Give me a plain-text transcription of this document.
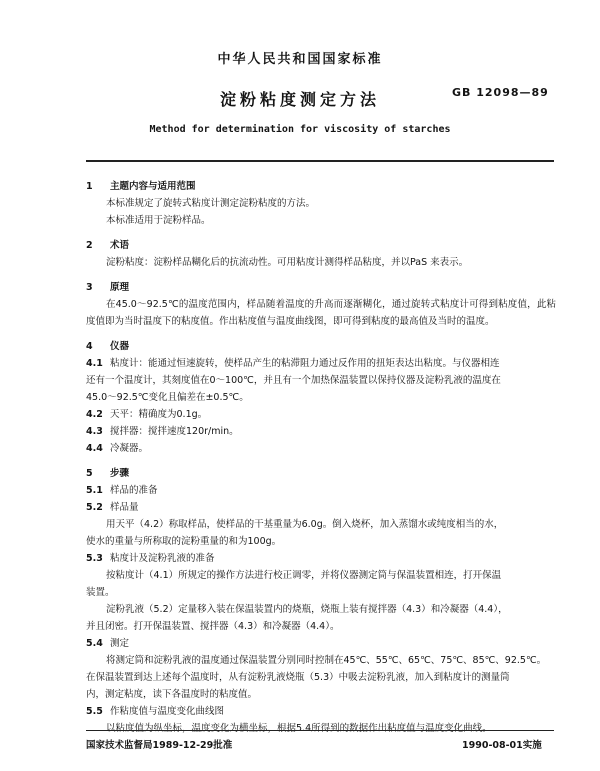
中华人民共和国国家标准
淀粉粘度测定方法	GB 12098—89
Method for determination for viscosity of starches
1 主题内容与适用范围
本标准规定了旋转式粘度计测定淀粉粘度的方法。
本标准适用于淀粉样品。
2 术语
淀粉粘度：淀粉样品糊化后的抗流动性。可用粘度计测得样品粘度，并以PaS 来表示。
3 原理
在45.0～92.5℃的温度范围内，样品随着温度的升高而逐渐糊化，通过旋转式粘度计可得到粘度值，此粘度值即为当时温度下的粘度值。作出粘度值与温度曲线图，即可得到粘度的最高值及当时的温度。
4 仪器
4.1 粘度计：能通过恒速旋转，使样品产生的粘滞阻力通过反作用的扭矩表达出粘度。与仪器相连
还有一个温度计，其刻度值在0～100℃，并且有一个加热保温装置以保持仪器及淀粉乳液的温度在
45.0～92.5℃变化且偏差在±0.5℃。
4.2 天平：精确度为0.1g。
4.3 搅拌器：搅拌速度120r/min。
4.4 冷凝器。
5 步骤
5.1 样品的准备
5.2 样品量
用天平（4.2）称取样品，使样品的干基重量为6.0g。倒入烧杯，加入蒸馏水或纯度相当的水，
使水的重量与所称取的淀粉重量的和为100g。
5.3 粘度计及淀粉乳液的准备
按粘度计（4.1）所规定的操作方法进行校正调零，并将仪器测定筒与保温装置相连，打开保温
装置。
淀粉乳液（5.2）定量移入装在保温装置内的烧瓶，烧瓶上装有搅拌器（4.3）和冷凝器（4.4），
并且闭密。打开保温装置、搅拌器（4.3）和冷凝器（4.4）。
5.4 测定
将测定筒和淀粉乳液的温度通过保温装置分别同时控制在45℃、55℃、65℃、75℃、85℃、92.5℃。
在保温装置到达上述每个温度时，从有淀粉乳液烧瓶（5.3）中吸去淀粉乳液，加入到粘度计的测量筒
内，测定粘度，读下各温度时的粘度值。
5.5 作粘度值与温度变化曲线图
以粘度值为纵坐标，温度变化为横坐标，根据5.4所得到的数据作出粘度值与温度变化曲线。
国家技术监督局1989-12-29批准	1990-08-01实施
